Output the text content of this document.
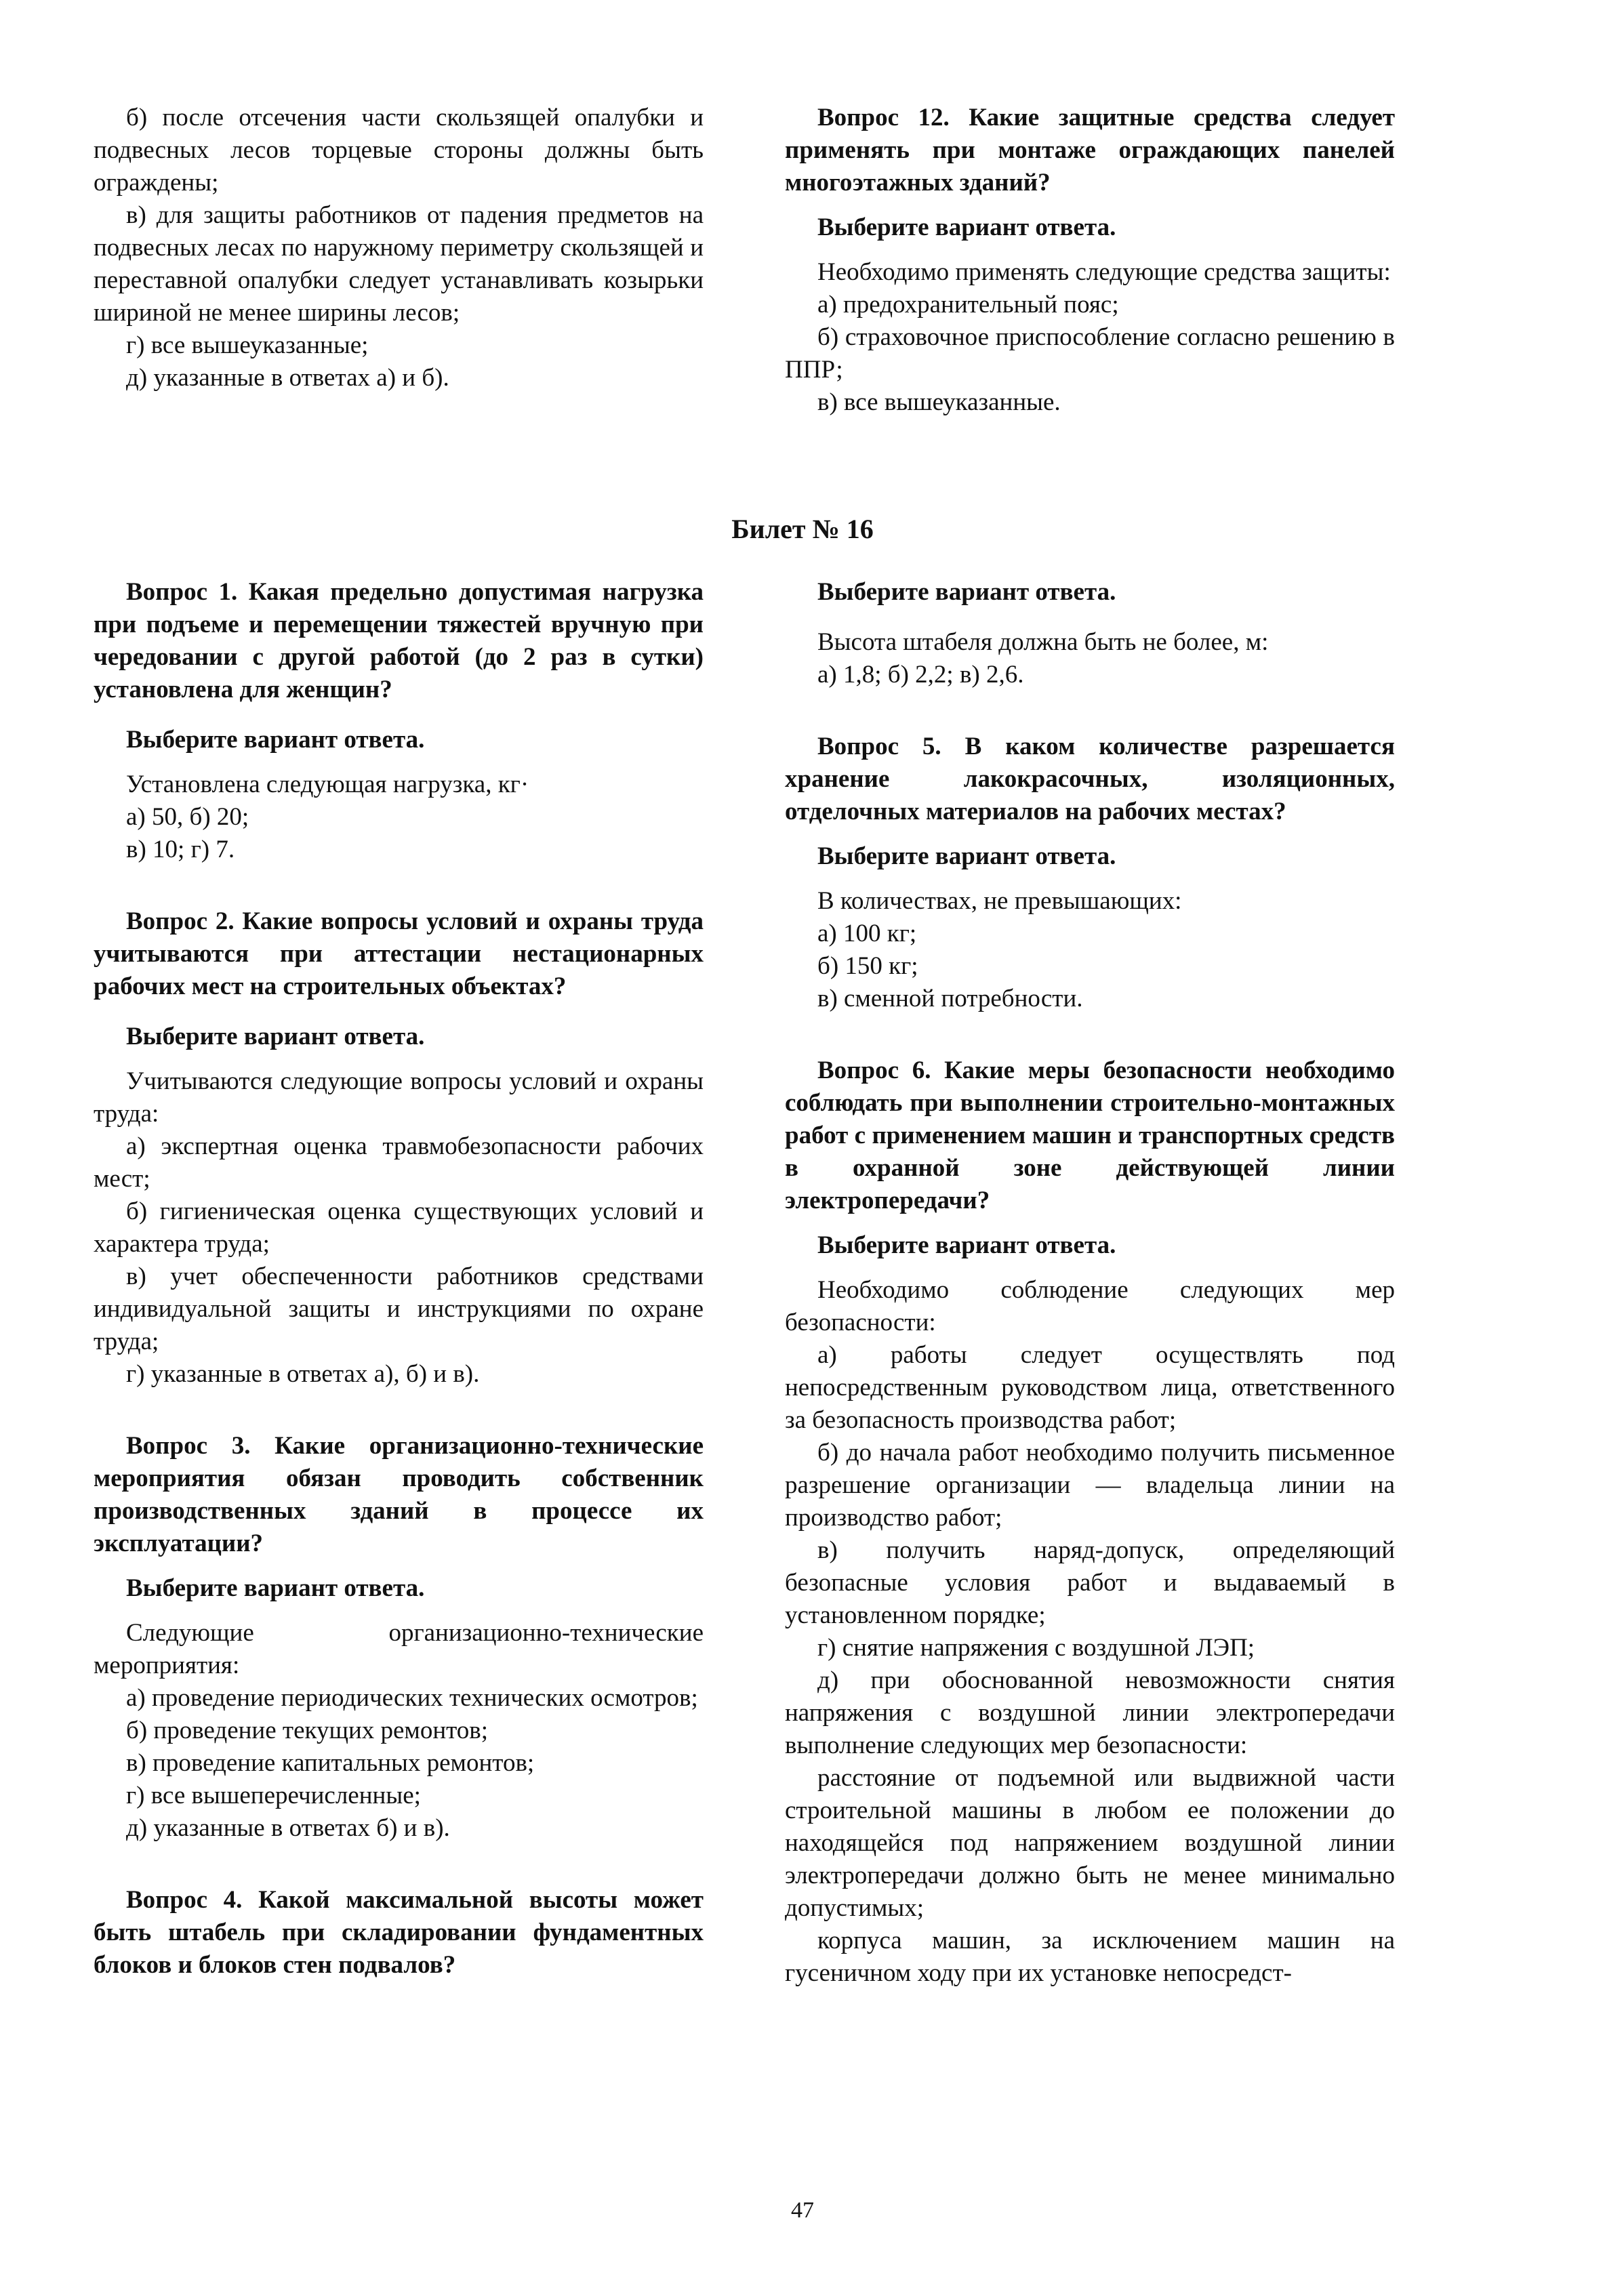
б) после отсечения части скользящей опалубки и подвесных лесов торцевые стороны должны быть ограждены;

в) для защиты работников от падения предметов на подвесных лесах по наружному периметру скользящей и переставной опалубки следует устанавливать козырьки шириной не менее ширины лесов;

г) все вышеуказанные;

д) указанные в ответах а) и б).

Вопрос 12. Какие защитные средства следует применять при монтаже ограждающих панелей многоэтажных зданий?

Выберите вариант ответа.

Необходимо применять следующие средства защиты:

а) предохранительный пояс;

б) страховочное приспособление согласно решению в ППР;

в) все вышеуказанные.

Билет № 16

Вопрос 1. Какая предельно допустимая нагрузка при подъеме и перемещении тяжестей вручную при чередовании с другой работой (до 2 раз в сутки) установлена для женщин?

Выберите вариант ответа.

Установлена следующая нагрузка, кг·

а) 50, б) 20;

в) 10; г) 7.

Вопрос 2. Какие вопросы условий и охраны труда учитываются при аттестации нестационарных рабочих мест на строительных объектах?

Выберите вариант ответа.

Учитываются следующие вопросы условий и охраны труда:

а) экспертная оценка травмобезопасности рабочих мест;

б) гигиеническая оценка существующих условий и характера труда;

в) учет обеспеченности работников средствами индивидуальной защиты и инструкциями по охране труда;

г) указанные в ответах а), б) и в).

Вопрос 3. Какие организационно-технические мероприятия обязан проводить собственник производственных зданий в процессе их эксплуатации?

Выберите вариант ответа.

Следующие организационно-технические мероприятия:

а) проведение периодических технических осмотров;

б) проведение текущих ремонтов;

в) проведение капитальных ремонтов;

г) все вышеперечисленные;

д) указанные в ответах б) и в).

Вопрос 4. Какой максимальной высоты может быть штабель при складировании фундаментных блоков и блоков стен подвалов?

Выберите вариант ответа.

Высота штабеля должна быть не более, м:

а) 1,8; б) 2,2; в) 2,6.

Вопрос 5. В каком количестве разрешается хранение лакокрасочных, изоляционных, отделочных материалов на рабочих местах?

Выберите вариант ответа.

В количествах, не превышающих:

а) 100 кг;

б) 150 кг;

в) сменной потребности.

Вопрос 6. Какие меры безопасности необходимо соблюдать при выполнении строительно-монтажных работ с применением машин и транспортных средств в охранной зоне действующей линии электропередачи?

Выберите вариант ответа.

Необходимо соблюдение следующих мер безопасности:

а) работы следует осуществлять под непосредственным руководством лица, ответственного за безопасность производства работ;

б) до начала работ необходимо получить письменное разрешение организации — владельца линии на производство работ;

в) получить наряд-допуск, определяющий безопасные условия работ и выдаваемый в установленном порядке;

г) снятие напряжения с воздушной ЛЭП;

д) при обоснованной невозможности снятия напряжения с воздушной линии электропередачи выполнение следующих мер безопасности:

расстояние от подъемной или выдвижной части строительной машины в любом ее положении до находящейся под напряжением воздушной линии электропередачи должно быть не менее минимально допустимых;

корпуса машин, за исключением машин на гусеничном ходу при их установке непосредст-

47
